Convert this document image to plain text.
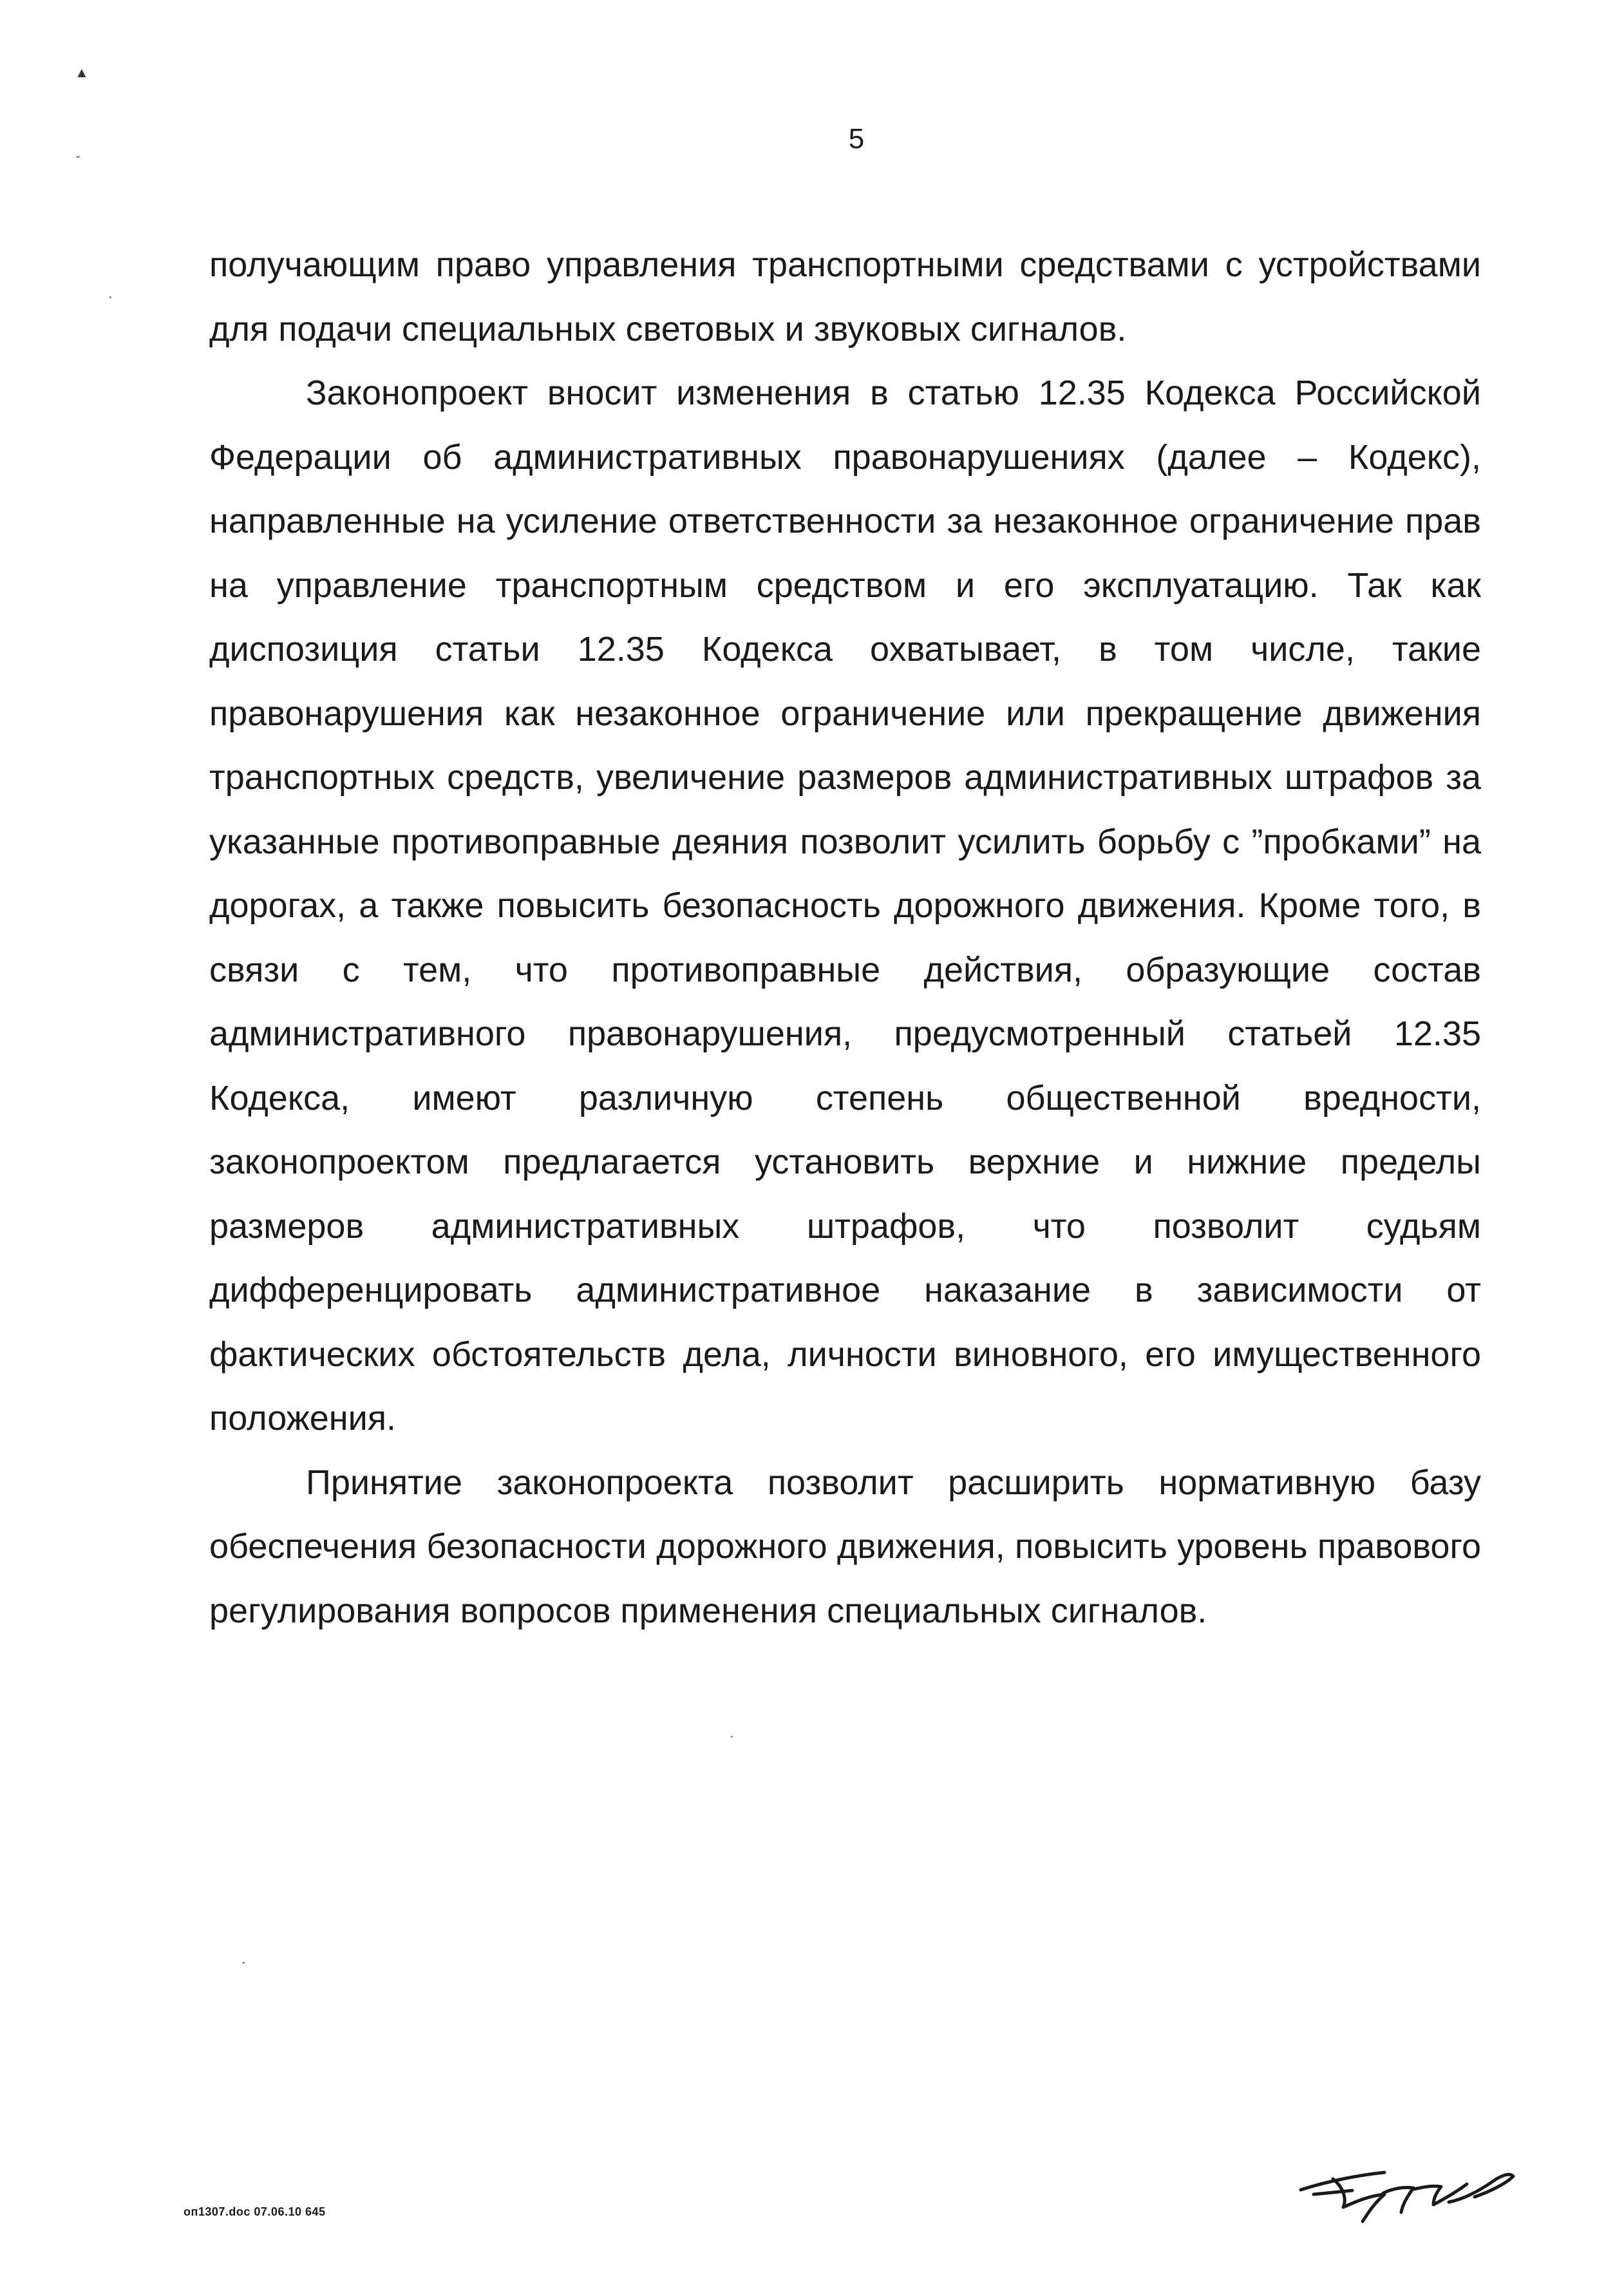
▲
ˇ
5

получающим право управления транспортными средствами с устройствами для подачи специальных световых и звуковых сигналов.

Законопроект вносит изменения в статью 12.35 Кодекса Российской Федерации об административных правонарушениях (далее – Кодекс), направленные на усиление ответственности за незаконное ограничение прав на управление транспортным средством и его эксплуатацию. Так как диспозиция статьи 12.35 Кодекса охватывает, в том числе, такие правонарушения как незаконное ограничение или прекращение движения транспортных средств, увеличение размеров административных штрафов за указанные противоправные деяния позволит усилить борьбу с ”пробками” на дорогах, а также повысить безопасность дорожного движения. Кроме того, в связи с тем, что противоправные действия, образующие состав административного правонарушения, предусмотренный статьей 12.35 Кодекса, имеют различную степень общественной вредности, законопроектом предлагается установить верхние и нижние пределы размеров административных штрафов, что позволит судьям дифференцировать административное наказание в зависимости от фактических обстоятельств дела, личности виновного, его имущественного положения.

Принятие законопроекта позволит расширить нормативную базу обеспечения безопасности дорожного движения, повысить уровень правового регулирования вопросов применения специальных сигналов.

оп1307.doc 07.06.10 645
